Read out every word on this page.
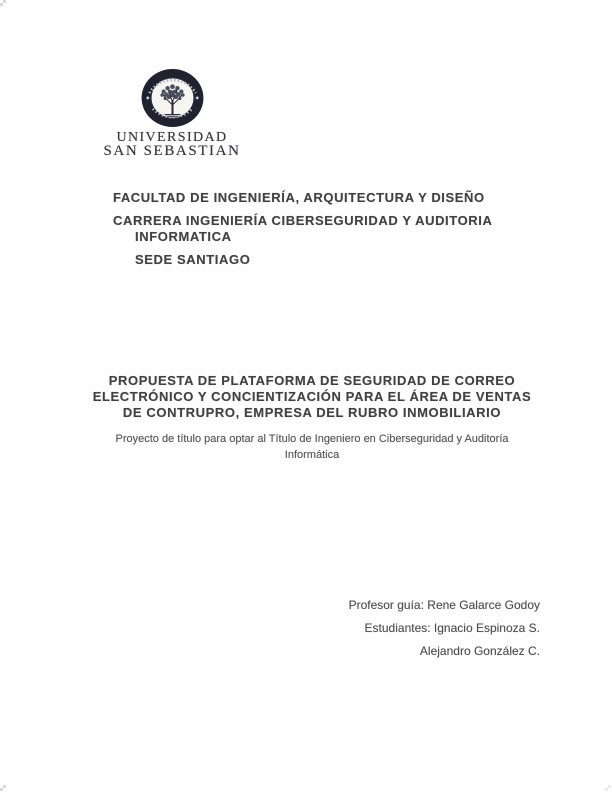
UNIVERSIDAD
SAN SEBASTIAN
FACULTAD DE INGENIERÍA, ARQUITECTURA Y DISEÑO
CARRERA INGENIERÍA CIBERSEGURIDAD Y AUDITORIA
INFORMATICA
SEDE SANTIAGO
PROPUESTA DE PLATAFORMA DE SEGURIDAD DE CORREO
ELECTRÓNICO Y CONCIENTIZACIÓN PARA EL ÁREA DE VENTAS
DE CONTRUPRO, EMPRESA DEL RUBRO INMOBILIARIO
Proyecto de título para optar al Título de Ingeniero en Ciberseguridad y Auditoría
Informática
Profesor guía: Rene Galarce Godoy
Estudiantes: Ignacio Espinoza S.
Alejandro González C.
